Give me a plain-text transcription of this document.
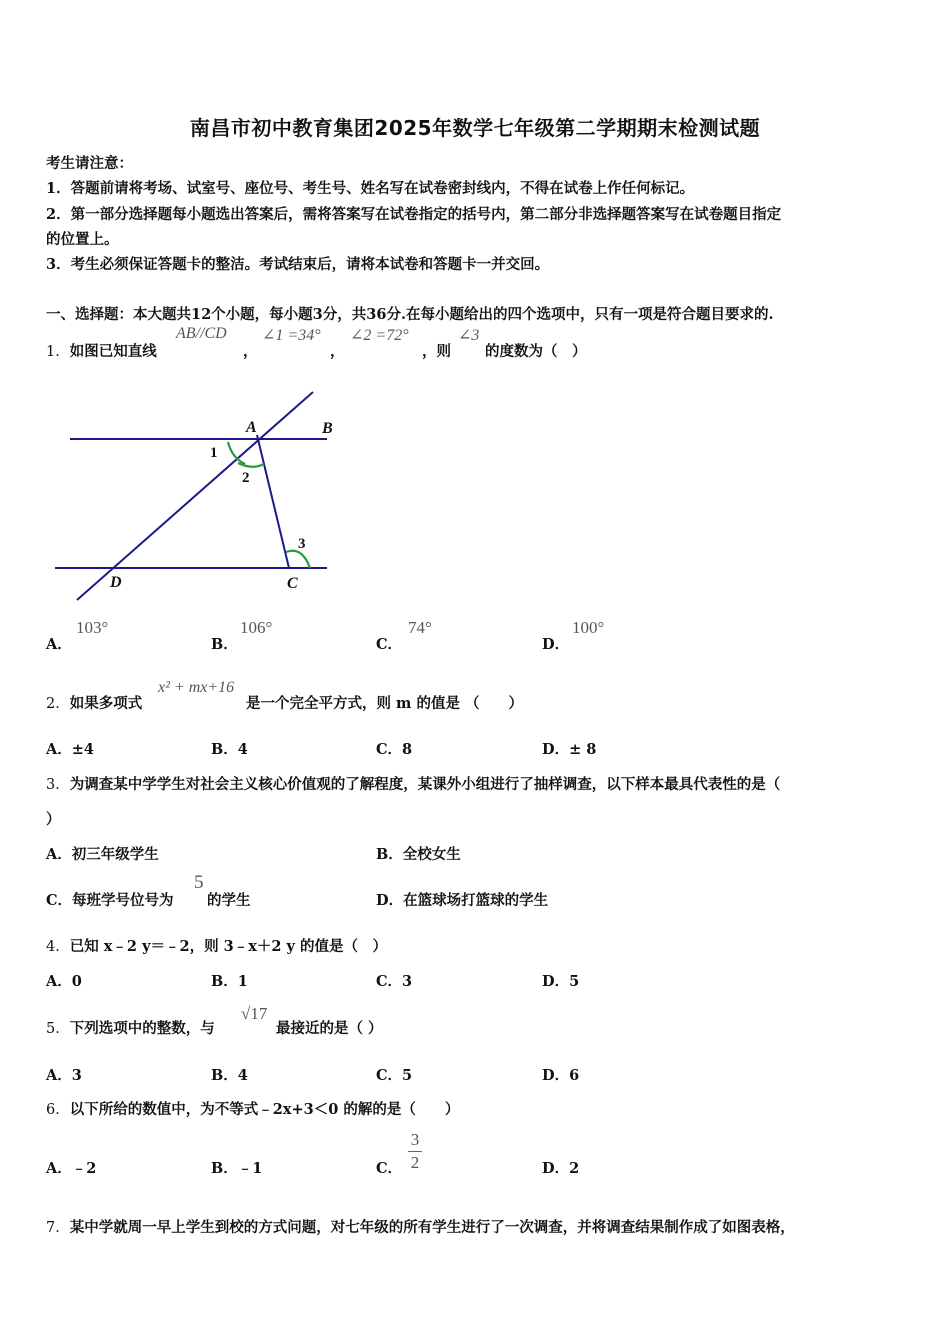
南昌市初中教育集团2025年数学七年级第二学期期末检测试题
考生请注意：
1．答题前请将考场、试室号、座位号、考生号、姓名写在试卷密封线内，不得在试卷上作任何标记。
2．第一部分选择题每小题选出答案后，需将答案写在试卷指定的括号内，第二部分非选择题答案写在试卷题目指定
的位置上。
3．考生必须保证答题卡的整洁。考试结束后，请将本试卷和答题卡一并交回。
一、选择题：本大题共12个小题，每小题3分，共36分.在每小题给出的四个选项中，只有一项是符合题目要求的.
1．如图已知直线
AB//CD
，
∠1 =34°
，
∠2 =72°
，则
∠3
的度数为（　）
A	B
C
D
1
2
3
A．
103°
B．
106°
C．
74°
D．
100°
2．如果多项式
x² + mx+16
是一个完全平方式，则 m 的值是 （　　）
A．±4	B．4	C．8	D．± 8
3．为调查某中学学生对社会主义核心价值观的了解程度，某课外小组进行了抽样调查，以下样本最具代表性的是（
）
A．初三年级学生	B．全校女生
C．每班学号位号为
5
的学生	D．在篮球场打篮球的学生
4．已知 x﹣2 y＝﹣2，则 3﹣x＋2 y 的值是（　）
A．0	B．1	C．3	D．5
5．下列选项中的整数，与
√17
最接近的是（ ）
A．3	B．4	C．5	D．6
6．以下所给的数值中，为不等式﹣2x+3＜0 的解的是（　　）
A．﹣2	B．﹣1	C．
3
2	D．2
7．某中学就周一早上学生到校的方式问题，对七年级的所有学生进行了一次调查，并将调查结果制作成了如图表格，
